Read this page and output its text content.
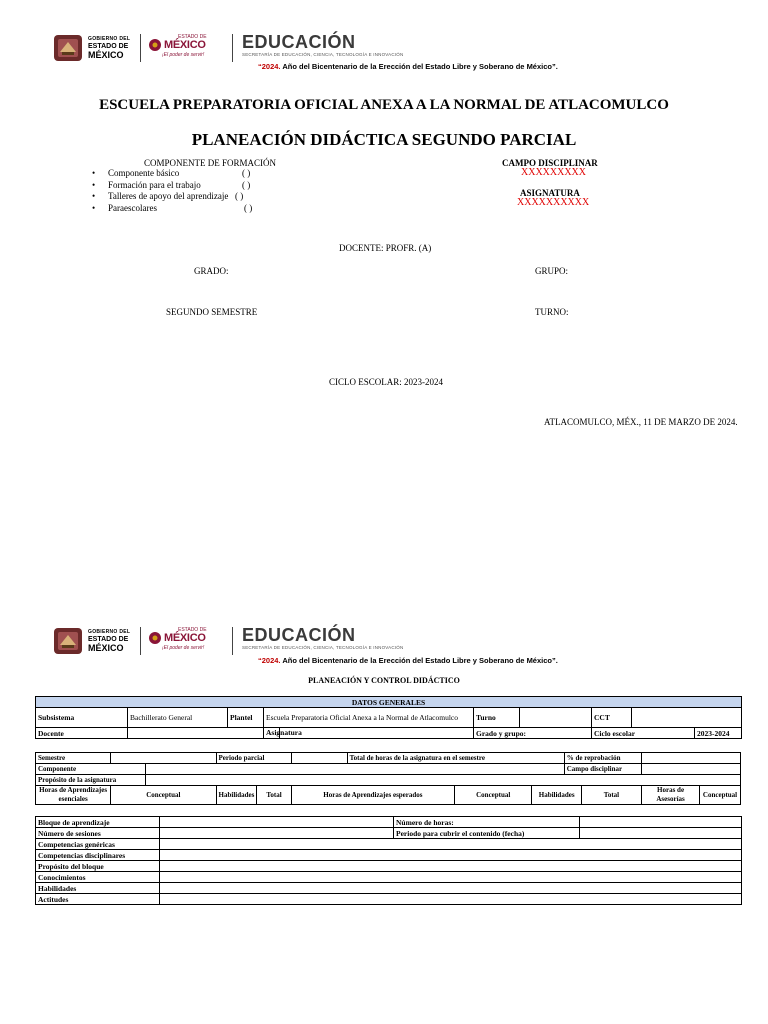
GOBIERNO DEL
ESTADO DE
MÉXICO
ESTADO DE
MÉXICO
¡El poder de servir!
EDUCACIÓN
SECRETARÍA DE EDUCACIÓN, CIENCIA, TECNOLOGÍA E INNOVACIÓN
“2024. Año del Bicentenario de la Erección del Estado Libre y Soberano de México”.
ESCUELA PREPARATORIA OFICIAL ANEXA A LA NORMAL DE ATLACOMULCO
PLANEACIÓN DIDÁCTICA SEGUNDO PARCIAL
COMPONENTE DE FORMACIÓN
• Componente básico	( )
• Formación para el trabajo	( )
• Talleres de apoyo del aprendizaje ( )
• Paraescolares	( )
CAMPO DISCIPLINAR
XXXXXXXXX
ASIGNATURA
XXXXXXXXXX
DOCENTE: PROFR. (A)
GRADO:	GRUPO:
SEGUNDO SEMESTRE	TURNO:
CICLO ESCOLAR: 2023-2024
ATLACOMULCO, MÉX., 11 DE MARZO DE 2024.
GOBIERNO DEL
ESTADO DE
MÉXICO
ESTADO DE
MÉXICO
¡El poder de servir!
EDUCACIÓN
SECRETARÍA DE EDUCACIÓN, CIENCIA, TECNOLOGÍA E INNOVACIÓN
“2024. Año del Bicentenario de la Erección del Estado Libre y Soberano de México”.
PLANEACIÓN Y CONTROL DIDÁCTICO
DATOS GENERALES									
Subsistema	Bachillerato General	Plantel	Escuela Preparatoria Oficial Anexa a la Normal de Atlacomulco		Turno		CCT		
Docente				Asignatura	Grado y grupo:		Ciclo escolar		2023-2024
Semestre			Periodo parcial			Total de horas de la asignatura en el semestre			% de reprobación			
Componente									Campo disciplinar			
Propósito de la asignatura												
Horas de Aprendizajes esenciales	Conceptual		Habilidades	Total	Horas de Aprendizajes esperados		Conceptual	Habilidades		Total	Horas de Asesorías	Conceptual
Bloque de aprendizaje		Número de horas:	
Número de sesiones		Periodo para cubrir el contenido (fecha)	
Competencias genéricas			
Competencias disciplinares			
Propósito del bloque			
Conocimientos			
Habilidades			
Actitudes			
